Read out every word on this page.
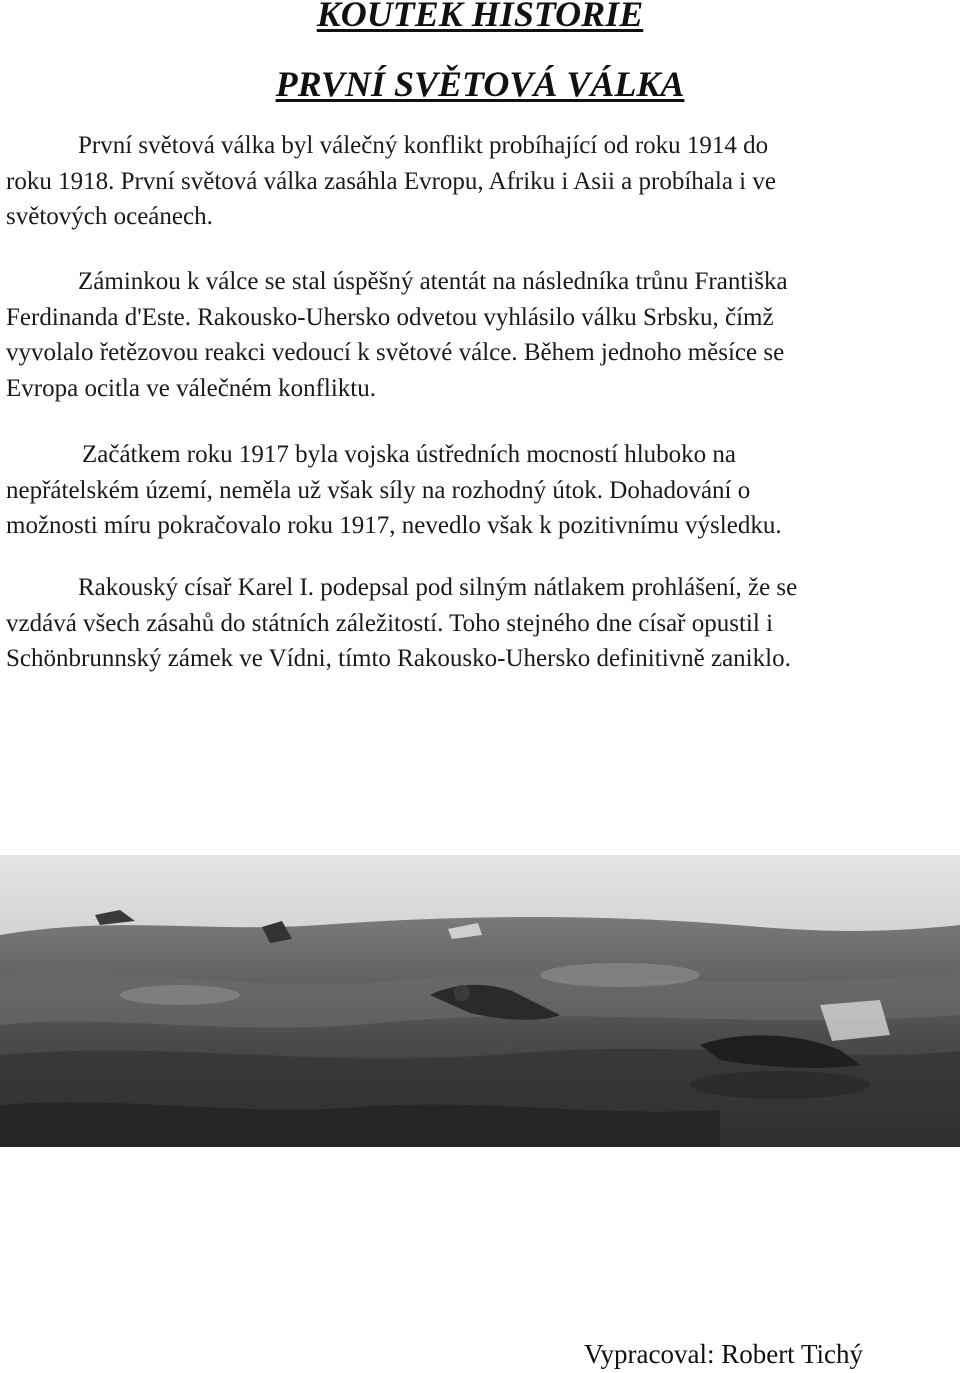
KOUTEK HISTORIE
PRVNÍ SVĚTOVÁ VÁLKA

První světová válka byl válečný konflikt probíhající od roku 1914 do
roku 1918. První světová válka zasáhla Evropu, Afriku i Asii a probíhala i ve
světových oceánech.

Záminkou k válce se stal úspěšný atentát na následníka trůnu Františka
Ferdinanda d'Este. Rakousko-Uhersko odvetou vyhlásilo válku Srbsku, čímž
vyvolalo řetězovou reakci vedoucí k světové válce. Během jednoho měsíce se
Evropa ocitla ve válečném konfliktu.

Začátkem roku 1917 byla vojska ústředních mocností hluboko na
nepřátelském území, neměla už však síly na rozhodný útok. Dohadování o
možnosti míru pokračovalo roku 1917, nevedlo však k pozitivnímu výsledku.

Rakouský císař Karel I. podepsal pod silným nátlakem prohlášení, že se
vzdává všech zásahů do státních záležitostí. Toho stejného dne císař opustil i
Schönbrunnský zámek ve Vídni, tímto Rakousko-Uhersko definitivně zaniklo.

Vypracoval: Robert Tichý
